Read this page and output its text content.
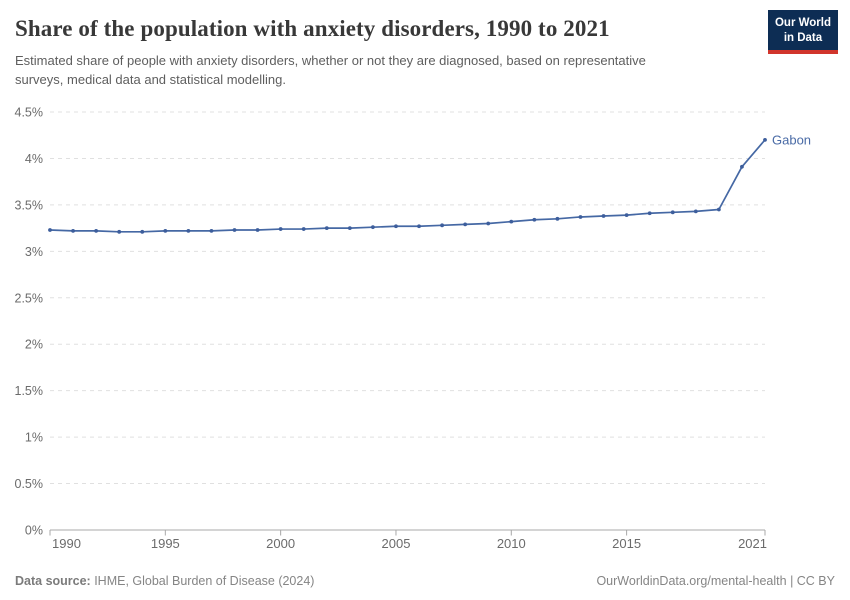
0%
0.5%
1%
1.5%
2%
2.5%
3%
3.5%
4%
4.5%
1990	1995	2000	2005	2010	2015	2021
Gabon
Share of the population with anxiety disorders, 1990 to 2021

Estimated share of people with anxiety disorders, whether or not they are diagnosed, based on representative
surveys, medical data and statistical modelling.

Our World
in Data
Data source: IHME, Global Burden of Disease (2024)	OurWorldinData.org/mental-health | CC BY
